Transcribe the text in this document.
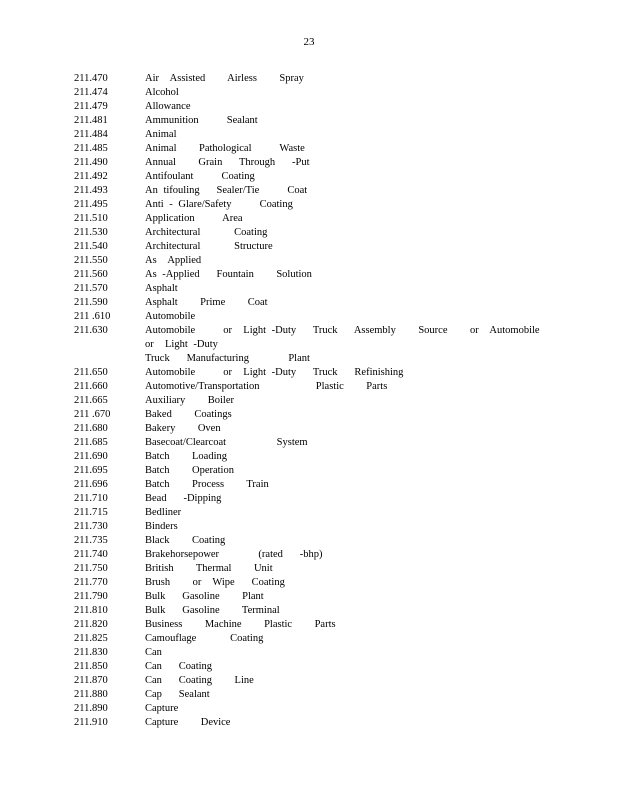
23
211.470	Air  Assisted    Airless    Spray
211.474	Alcohol
211.479	Allowance
211.481	Ammunition     Sealant
211.484	Animal
211.485	Animal    Pathological     Waste
211.490	Annual    Grain   Through   -Put
211.492	Antifoulant     Coating
211.493	An tifouling   Sealer/Tie     Coat
211.495	Anti - Glare/Safety     Coating
211.510	Application     Area
211.530	Architectural      Coating
211.540	Architectural      Structure
211.550	As  Applied
211.560	As -Applied   Fountain    Solution
211.570	Asphalt
211.590	Asphalt    Prime    Coat
211 .610	Automobile
211.630	Automobile     or  Light -Duty   Truck   Assembly    Source    or  Automobile     or  Light -Duty
Truck   Manufacturing       Plant
211.650	Automobile     or  Light -Duty   Truck   Refinishing
211.660	Automotive/Transportation          Plastic    Parts
211.665	Auxiliary    Boiler
211 .670	Baked    Coatings
211.680	Bakery    Oven
211.685	Basecoat/Clearcoat         System
211.690	Batch    Loading
211.695	Batch    Operation
211.696	Batch    Process    Train
211.710	Bead   -Dipping
211.715	Bedliner
211.730	Binders
211.735	Black    Coating
211.740	Brakehorsepower       (rated   -bhp)
211.750	British    Thermal    Unit
211.770	Brush    or  Wipe   Coating
211.790	Bulk   Gasoline    Plant
211.810	Bulk   Gasoline    Terminal
211.820	Business    Machine    Plastic    Parts
211.825	Camouflage      Coating
211.830	Can
211.850	Can   Coating
211.870	Can   Coating    Line
211.880	Cap   Sealant
211.890	Capture
211.910	Capture    Device
